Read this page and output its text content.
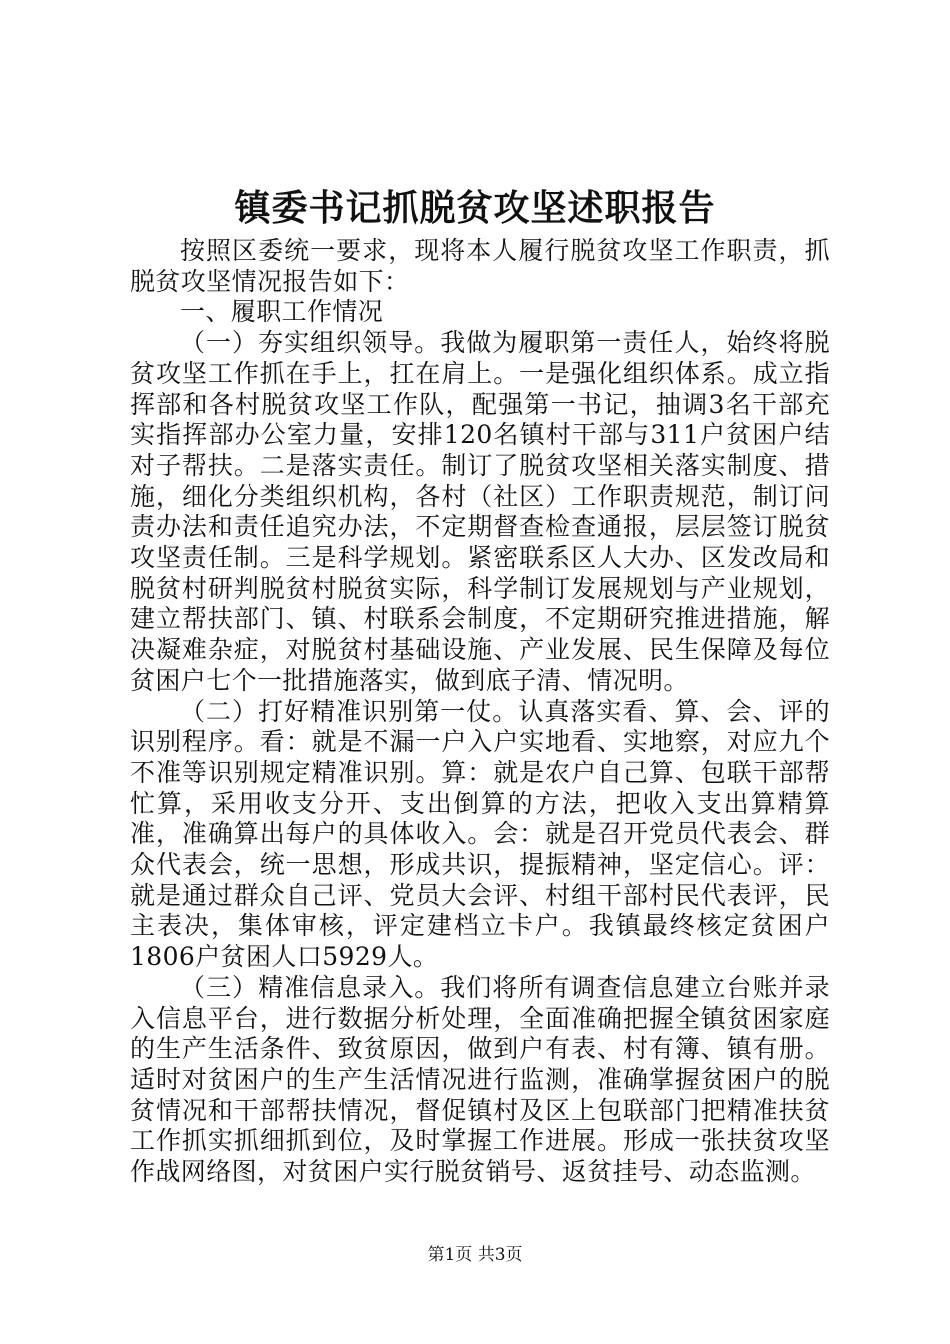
镇委书记抓脱贫攻坚述职报告

按照区委统一要求，现将本人履行脱贫攻坚工作职责，抓脱贫攻坚情况报告如下：

一、履职工作情况

（一）夯实组织领导。我做为履职第一责任人，始终将脱贫攻坚工作抓在手上，扛在肩上。一是强化组织体系。成立指挥部和各村脱贫攻坚工作队，配强第一书记，抽调3名干部充实指挥部办公室力量，安排120名镇村干部与311户贫困户结对子帮扶。二是落实责任。制订了脱贫攻坚相关落实制度、措施，细化分类组织机构，各村（社区）工作职责规范，制订问责办法和责任追究办法，不定期督查检查通报，层层签订脱贫攻坚责任制。三是科学规划。紧密联系区人大办、区发改局和脱贫村研判脱贫村脱贫实际，科学制订发展规划与产业规划，建立帮扶部门、镇、村联系会制度，不定期研究推进措施，解决凝难杂症，对脱贫村基础设施、产业发展、民生保障及每位贫困户七个一批措施落实，做到底子清、情况明。

（二）打好精准识别第一仗。认真落实看、算、会、评的识别程序。看：就是不漏一户入户实地看、实地察，对应九个不准等识别规定精准识别。算：就是农户自己算、包联干部帮忙算，采用收支分开、支出倒算的方法，把收入支出算精算准，准确算出每户的具体收入。会：就是召开党员代表会、群众代表会，统一思想，形成共识，提振精神，坚定信心。评：就是通过群众自己评、党员大会评、村组干部村民代表评，民主表决，集体审核，评定建档立卡户。我镇最终核定贫困户1806户贫困人口5929人。

（三）精准信息录入。我们将所有调查信息建立台账并录入信息平台，进行数据分析处理，全面准确把握全镇贫困家庭的生产生活条件、致贫原因，做到户有表、村有簿、镇有册。适时对贫困户的生产生活情况进行监测，准确掌握贫困户的脱贫情况和干部帮扶情况，督促镇村及区上包联部门把精准扶贫工作抓实抓细抓到位，及时掌握工作进展。形成一张扶贫攻坚作战网络图，对贫困户实行脱贫销号、返贫挂号、动态监测。

第1页 共3页
